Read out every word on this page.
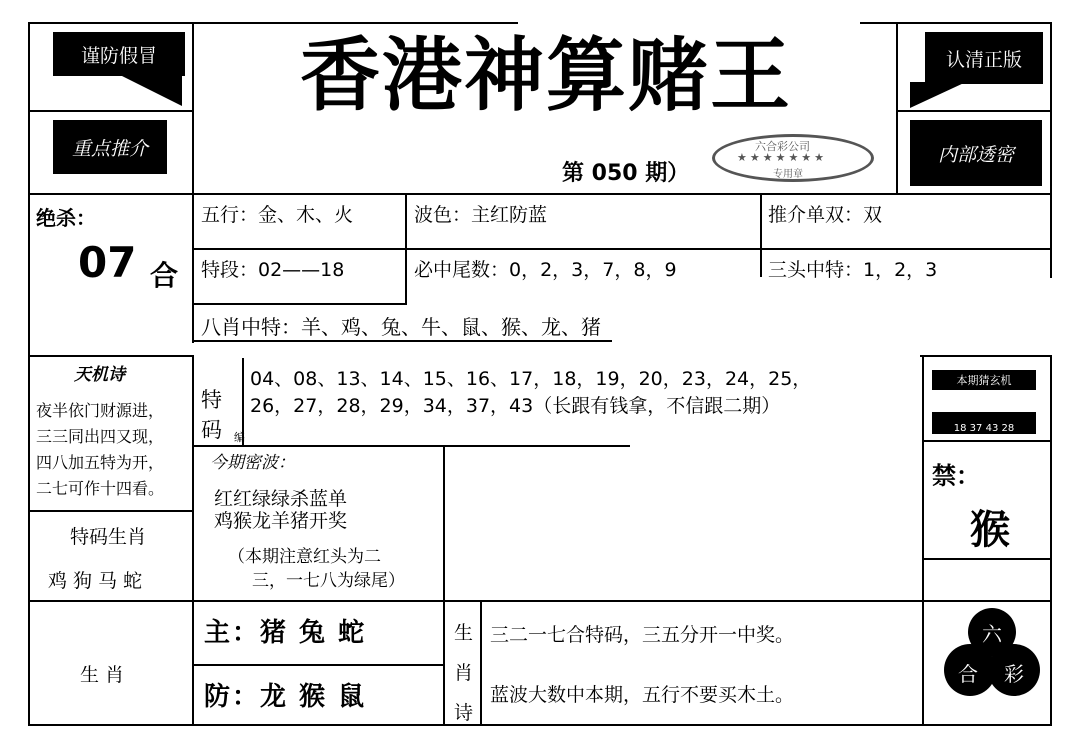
谨防假冒
重点推介
认清正版
内部透密
香港神算赌王
第 050 期）
六合彩公司
★★★★★★★
专用章
绝杀：
07 合
五行：金、木、火	波色：主红防蓝	推介单双：双
特段：02——18	必中尾数：0，2，3，7，8，9	三头中特：1，2，3
八肖中特：羊、鸡、兔、牛、鼠、猴、龙、猪
天机诗
夜半依门财源进，
三三同出四又现，
四八加五特为开，
二七可作十四看。
特
码 编
04、08、13、14、15、16、17，18，19，20，23，24，25，
26，27，28，29，34，37，43（长跟有钱拿，不信跟二期）
本期猜玄机
18 37 43 28
禁：
猴
今期密波：
红红绿绿杀蓝单
鸡猴龙羊猪开奖
（本期注意红头为二
三，一七八为绿尾）
特码生肖
鸡 狗 马 蛇
生 肖
主：猪 兔 蛇
防：龙 猴 鼠
生
肖
诗
三二一七合特码，三五分开一中奖。
蓝波大数中本期，五行不要买木土。
六
合 彩
